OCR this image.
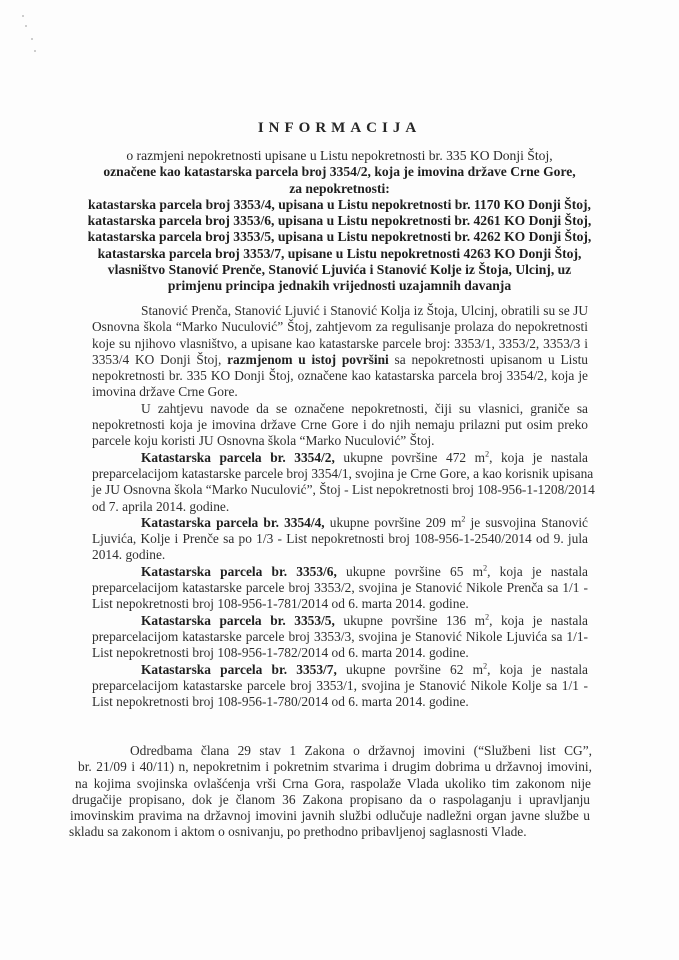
INFORMACIJA
o razmjeni nepokretnosti upisane u Listu nepokretnosti br. 335 KO Donji Štoj,
označene kao katastarska parcela broj 3354/2, koja je imovina države Crne Gore,
za nepokretnosti:
katastarska parcela broj 3353/4, upisana u Listu nepokretnosti br. 1170 KO Donji Štoj,
katastarska parcela broj 3353/6, upisana u Listu nepokretnosti br. 4261 KO Donji Štoj,
katastarska parcela broj 3353/5, upisana u Listu nepokretnosti br. 4262 KO Donji Štoj,
katastarska parcela broj 3353/7, upisane u Listu nepokretnosti 4263 KO Donji Štoj,
vlasništvo Stanović Prenče, Stanović Ljuvića i Stanović Kolje iz Štoja, Ulcinj, uz
primjenu principa jednakih vrijednosti uzajamnih davanja
Stanović Prenča, Stanović Ljuvić i Stanović Kolja iz Štoja, Ulcinj, obratili su se JU
Osnovna škola “Marko Nuculović” Štoj, zahtjevom za regulisanje prolaza do nepokretnosti
koje su njihovo vlasništvo, a upisane kao katastarske parcele broj: 3353/1, 3353/2, 3353/3 i
3353/4 KO Donji Štoj, razmjenom u istoj površini sa nepokretnosti upisanom u Listu
nepokretnosti br. 335 KO Donji Štoj, označene kao katastarska parcela broj 3354/2, koja je
imovina države Crne Gore.
U zahtjevu navode da se označene nepokretnosti, čiji su vlasnici, graniče sa
nepokretnosti koja je imovina države Crne Gore i do njih nemaju prilazni put osim preko
parcele koju koristi JU Osnovna škola “Marko Nuculović” Štoj.
Katastarska parcela br. 3354/2, ukupne površine 472 $m^2$, koja je nastala
preparcelacijom katastarske parcele broj 3354/1, svojina je Crne Gore, a kao korisnik upisana
je JU Osnovna škola “Marko Nuculović”, Štoj - List nepokretnosti broj 108-956-1-1208/2014
od 7. aprila 2014. godine.
Katastarska parcela br. 3354/4, ukupne površine 209 $m^2$ je susvojina Stanović
Ljuvića, Kolje i Prenče sa po 1/3 - List nepokretnosti broj 108-956-1-2540/2014 od 9. jula
2014. godine.
Katastarska parcela br. 3353/6, ukupne površine 65 $m^2$, koja je nastala
preparcelacijom katastarske parcele broj 3353/2, svojina je Stanović Nikole Prenča sa 1/1 -
List nepokretnosti broj 108-956-1-781/2014 od 6. marta 2014. godine.
Katastarska parcela br. 3353/5, ukupne površine 136 $m^2$, koja je nastala
preparcelacijom katastarske parcele broj 3353/3, svojina je Stanović Nikole Ljuvića sa 1/1-
List nepokretnosti broj 108-956-1-782/2014 od 6. marta 2014. godine.
Katastarska parcela br. 3353/7, ukupne površine 62 $m^2$, koja je nastala
preparcelacijom katastarske parcele broj 3353/1, svojina je Stanović Nikole Kolje sa 1/1 -
List nepokretnosti broj 108-956-1-780/2014 od 6. marta 2014. godine.
Odredbama člana 29 stav 1 Zakona o državnoj imovini (“Službeni list CG”,
br. 21/09 i 40/11) n, nepokretnim i pokretnim stvarima i drugim dobrima u državnoj imovini,
na kojima svojinska ovlašćenja vrši Crna Gora, raspolaže Vlada ukoliko tim zakonom nije
drugačije propisano, dok je članom 36 Zakona propisano da o raspolaganju i upravljanju
imovinskim pravima na državnoj imovini javnih službi odlučuje nadležni organ javne službe u
skladu sa zakonom i aktom o osnivanju, po prethodno pribavljenoj saglasnosti Vlade.
